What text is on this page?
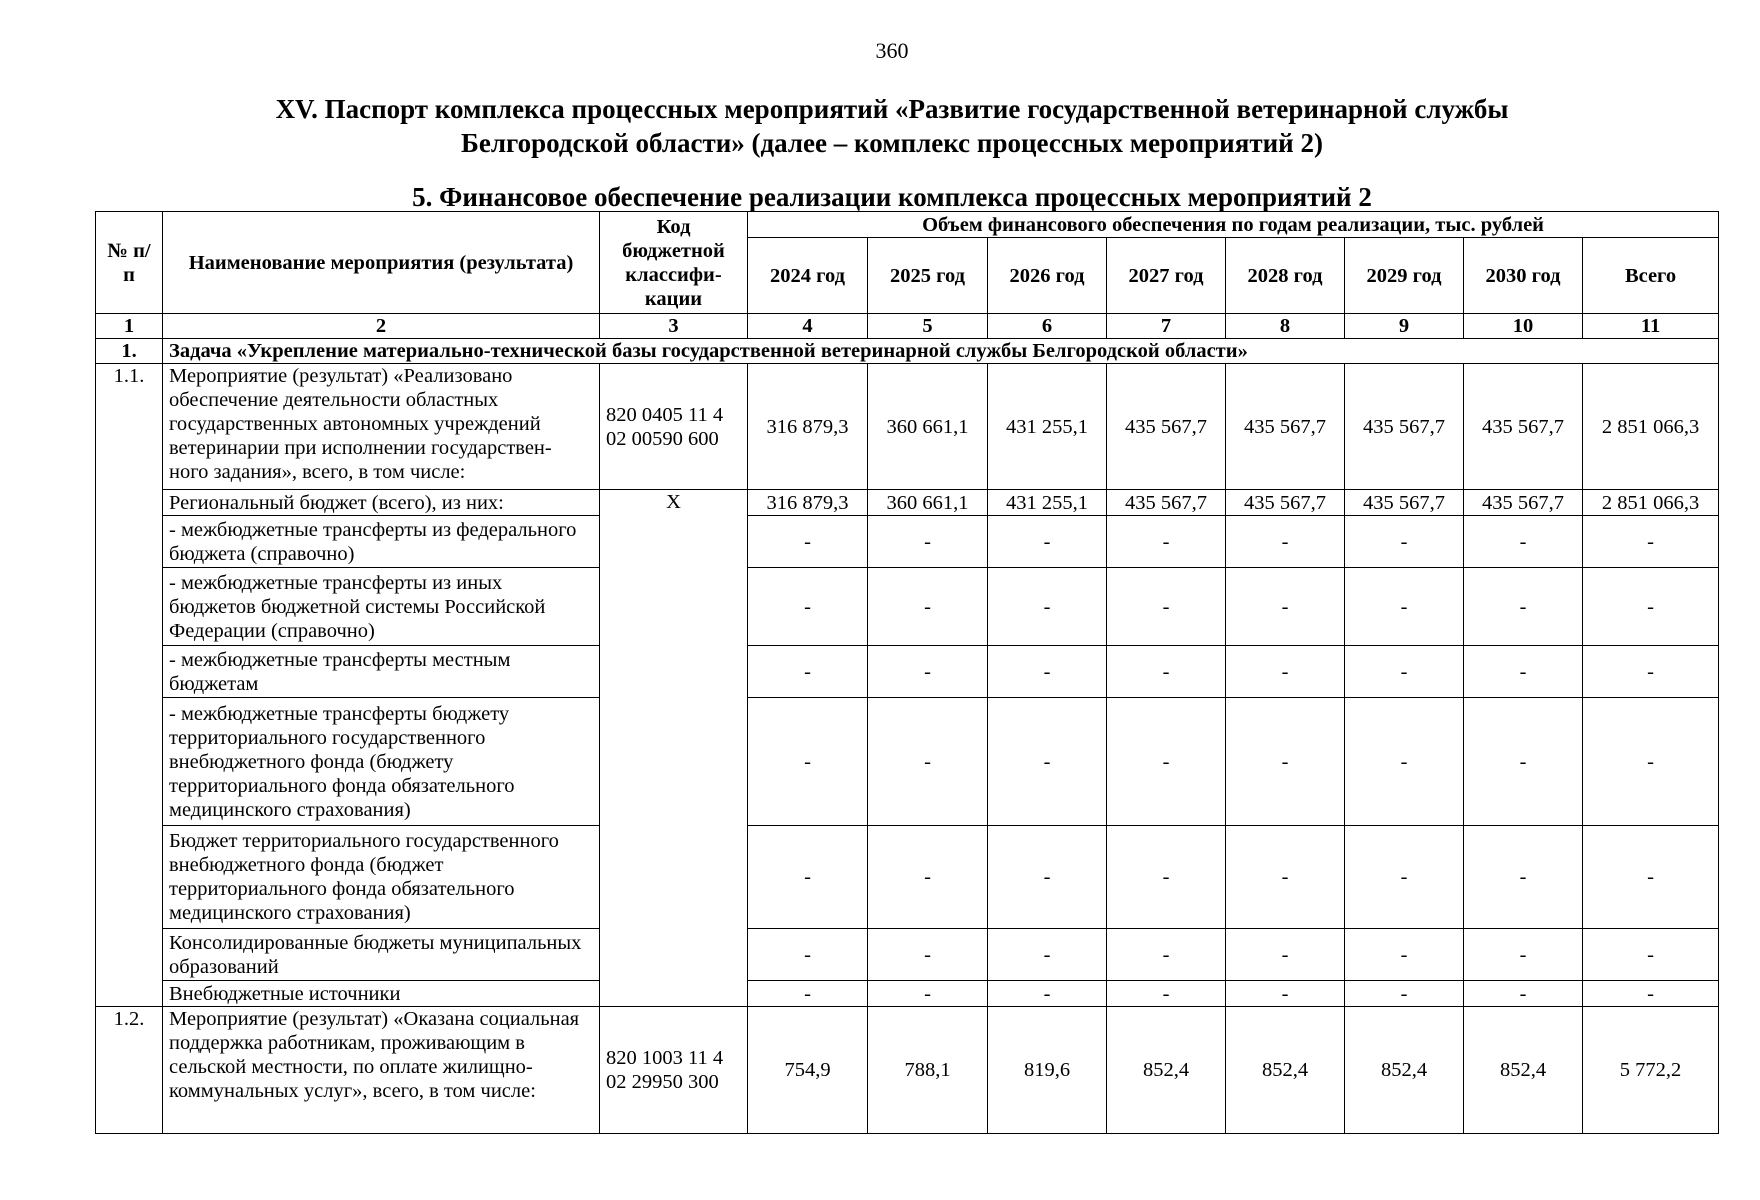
360
XV. Паспорт комплекса процессных мероприятий «Развитие государственной ветеринарной службы
Белгородской области» (далее – комплекс процессных мероприятий 2)
5. Финансовое обеспечение реализации комплекса процессных мероприятий 2
№ п/п	Наименование мероприятия (результата)	Код бюджетной классифи- кации	Объем финансового обеспечения по годам реализации, тыс. рублей							
			2024 год	2025 год	2026 год	2027 год	2028 год	2029 год	2030 год	Всего
1	2	3	4	5	6	7	8	9	10	11
1.	Задача «Укрепление материально-технической базы государственной ветеринарной службы Белгородской области»									
1.1.	Мероприятие (результат) «Реализовано обеспечение деятельности областных государственных автономных учреждений ветеринарии при исполнении государствен- ного задания», всего, в том числе:	820 0405 11 4 02 00590 600	316 879,3	360 661,1	431 255,1	435 567,7	435 567,7	435 567,7	435 567,7	2 851 066,3
	Региональный бюджет (всего), из них:	Х	316 879,3	360 661,1	431 255,1	435 567,7	435 567,7	435 567,7	435 567,7	2 851 066,3
	- межбюджетные трансферты из федерального бюджета (справочно)		-	-	-	-	-	-	-	-
	- межбюджетные трансферты из иных бюджетов бюджетной системы Российской Федерации (справочно)		-	-	-	-	-	-	-	-
	- межбюджетные трансферты местным бюджетам		-	-	-	-	-	-	-	-
	- межбюджетные трансферты бюджету территориального государственного внебюджетного фонда (бюджету территориального фонда обязательного медицинского страхования)		-	-	-	-	-	-	-	-
	Бюджет территориального государственного внебюджетного фонда (бюджет территориального фонда обязательного медицинского страхования)		-	-	-	-	-	-	-	-
	Консолидированные бюджеты муниципальных образований		-	-	-	-	-	-	-	-
	Внебюджетные источники		-	-	-	-	-	-	-	-
1.2.	Мероприятие (результат) «Оказана социальная поддержка работникам, проживающим в сельской местности, по оплате жилищно-коммунальных услуг», всего, в том числе:	820 1003 11 4 02 29950 300	754,9	788,1	819,6	852,4	852,4	852,4	852,4	5 772,2
